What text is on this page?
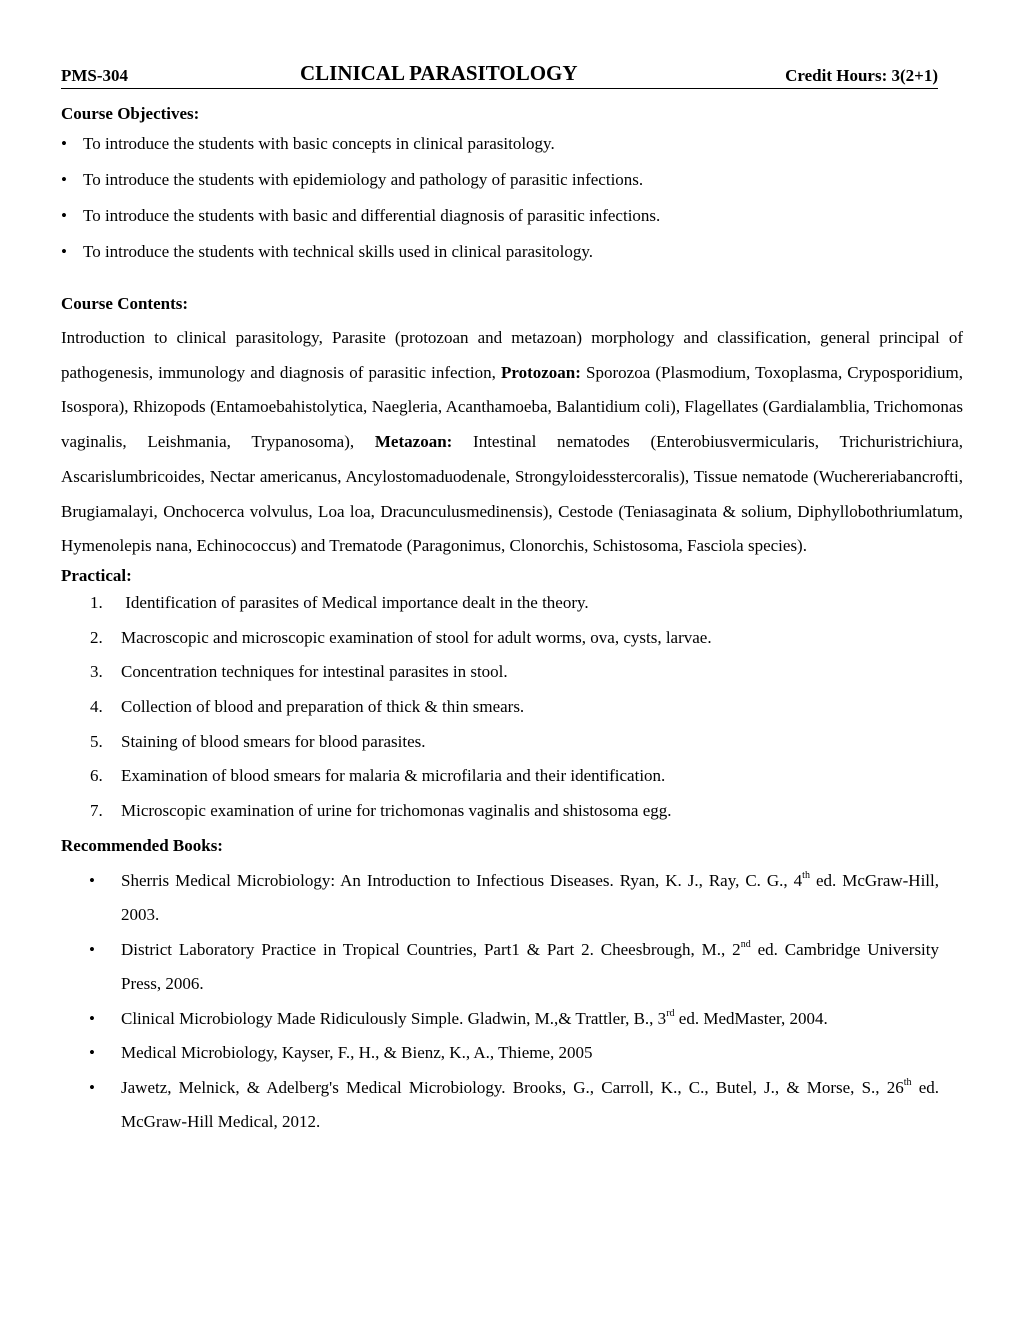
PMS-304	CLINICAL PARASITOLOGY	Credit Hours: 3(2+1)

Course Objectives:

• To introduce the students with basic concepts in clinical parasitology.
• To introduce the students with epidemiology and pathology of parasitic infections.
• To introduce the students with basic and differential diagnosis of parasitic infections.
• To introduce the students with technical skills used in clinical parasitology.

Course Contents:

Introduction to clinical parasitology, Parasite (protozoan and metazoan) morphology and classification, general principal of pathogenesis, immunology and diagnosis of parasitic infection, Protozoan: Sporozoa (Plasmodium, Toxoplasma, Cryposporidium, Isospora), Rhizopods (Entamoebahistolytica, Naegleria, Acanthamoeba, Balantidium coli), Flagellates (Gardialamblia, Trichomonas vaginalis, Leishmania, Trypanosoma), Metazoan: Intestinal nematodes (Enterobiusvermicularis, Trichuristrichiura, Ascarislumbricoides, Nectar americanus, Ancylostomaduodenale, Strongyloidesstercoralis), Tissue nematode (Wuchereriabancrofti, Brugiamalayi, Onchocerca volvulus, Loa loa, Dracunculusmedinensis), Cestode (Teniasaginata & solium, Diphyllobothriumlatum, Hymenolepis nana, Echinococcus) and Trematode (Paragonimus, Clonorchis, Schistosoma, Fasciola species).

Practical:

1. Identification of parasites of Medical importance dealt in the theory.
2. Macroscopic and microscopic examination of stool for adult worms, ova, cysts, larvae.
3. Concentration techniques for intestinal parasites in stool.
4. Collection of blood and preparation of thick & thin smears.
5. Staining of blood smears for blood parasites.
6. Examination of blood smears for malaria & microfilaria and their identification.
7. Microscopic examination of urine for trichomonas vaginalis and shistosoma egg.

Recommended Books:

• Sherris Medical Microbiology: An Introduction to Infectious Diseases. Ryan, K. J., Ray, C. G., 4th ed. McGraw-Hill, 2003.
• District Laboratory Practice in Tropical Countries, Part1 & Part 2. Cheesbrough, M., 2nd ed. Cambridge University Press, 2006.
• Clinical Microbiology Made Ridiculously Simple. Gladwin, M.,& Trattler, B., 3rd ed. MedMaster, 2004.
• Medical Microbiology, Kayser, F., H., & Bienz, K., A., Thieme, 2005
• Jawetz, Melnick, & Adelberg's Medical Microbiology. Brooks, G., Carroll, K., C., Butel, J., & Morse, S., 26th ed. McGraw-Hill Medical, 2012.
